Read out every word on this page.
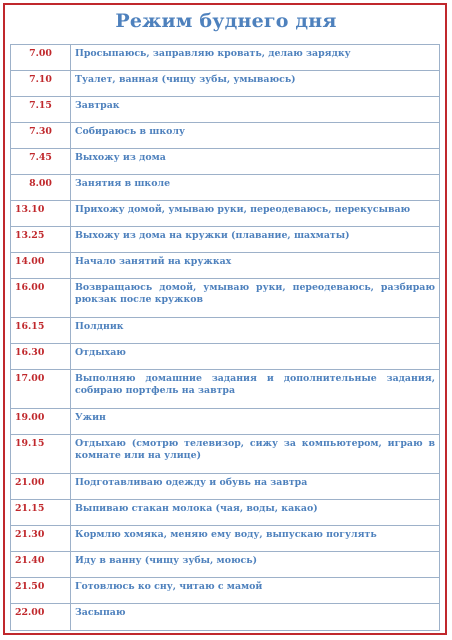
Режим буднего дня
7.00	Просыпаюсь, заправляю кровать, делаю зарядку
7.10	Туалет, ванная (чищу зубы, умываюсь)
7.15	Завтрак
7.30	Собираюсь в школу
7.45	Выхожу из дома
8.00	Занятия в школе
13.10	Прихожу домой, умываю руки, переодеваюсь, перекусываю
13.25	Выхожу из дома на кружки (плавание, шахматы)
14.00	Начало занятий на кружках
16.00	Возвращаюсь домой, умываю руки, переодеваюсь, разбираю рюкзак после кружков
16.15	Полдник
16.30	Отдыхаю
17.00	Выполняю домашние задания и дополнительные задания, собираю портфель на завтра
19.00	Ужин
19.15	Отдыхаю (смотрю телевизор, сижу за компьютером, играю в комнате или на улице)
21.00	Подготавливаю одежду и обувь на завтра
21.15	Выпиваю стакан молока (чая, воды, какао)
21.30	Кормлю хомяка, меняю ему воду, выпускаю погулять
21.40	Иду в ванну (чищу зубы, моюсь)
21.50	Готовлюсь ко сну, читаю с мамой
22.00	Засыпаю
